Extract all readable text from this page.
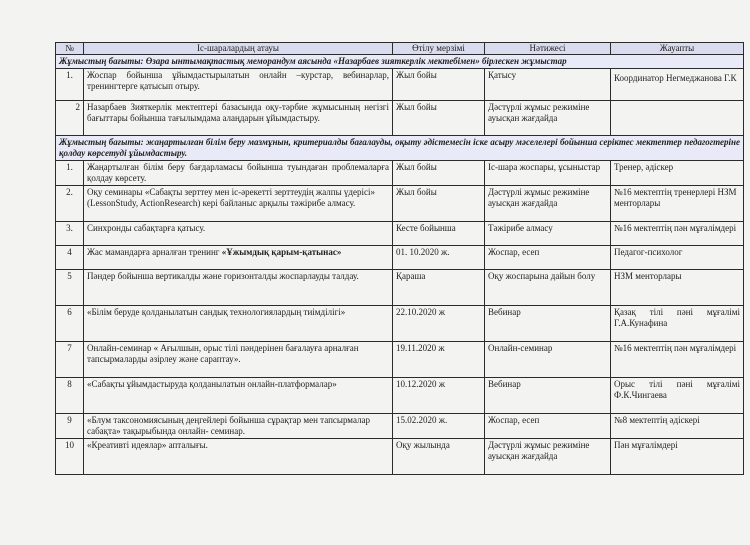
№	Іс-шаралардың атауы	Өтілу мерзімі	Нәтижесі	Жауапты
Жұмыстың бағыты: Өзара ынтымақтастық меморандум аясында «Назарбаев зияткерлік мектебімен» бірлескен жұмыстар				
1.	Жоспар бойынша ұйымдастырылатын онлайн –курстар, вебинарлар, тренингтерге қатысып отыру.	Жыл бойы	Қатысу	Координатор Негмеджанова Г.К
2	Назарбаев Зияткерлік мектептері базасында оқу-тәрбие жұмысының негізгі бағыттары бойынша тағылымдама алаңдарын ұйымдастыру.	Жыл бойы	Дәстүрлі жұмыс режиміне ауысқан жағдайда	
Жұмыстың бағыты: жаңартылған білім беру мазмұнын, критериалды бағалауды, оқыту әдістемесін іске асыру мәселелері бойынша серіктес мектептер педагогтеріне қолдау көрсетуді ұйымдастыру.				
1.	Жаңартылған білім беру бағдарламасы бойынша туындаған проблемаларға қолдау көрсету.	Жыл бойы	Іс-шара жоспары, ұсыныстар	Тренер, әдіскер
2.	Оқу семинары «Сабақты зерттеу мен іс-әрекетті зерттеудің жалпы үдерісі» (LessonStudy, ActionResearch) кері байланыс арқылы тәжірибе алмасу.	Жыл бойы	Дәстүрлі жұмыс режиміне ауысқан жағдайда	№16 мектептің тренерлері НЗМ менторлары
3.	Синхронды сабақтарға қатысу.	Кесте бойынша	Тәжірибе алмасу	№16 мектептің пән мұғалімдері
4	Жас мамандарға арналған тренинг «Ұжымдық қарым-қатынас»	01. 10.2020 ж.	Жоспар, есеп	Педагог-психолог
5	Пәндер бойынша вертикалды және горизонталды жоспарлауды талдау.	Қараша	Оқу жоспарына дайын болу	НЗМ менторлары
6	«Білім беруде қолданылатын сандық технологиялардың тиімділігі»	22.10.2020 ж	Вебинар	Қазақ тілі пәні мұғалімі Г.А.Кунафина
7	Онлайн-семинар « Ағылшын, орыс тілі пәндерінен бағалауға арналған тапсырмаларды әзірлеу және сараптау».	19.11.2020 ж	Онлайн-семинар	№16 мектептің пән мұғалімдері
8	«Сабақты ұйымдастыруда қолданылатын онлайн-платформалар»	10.12.2020 ж	Вебинар	Орыс тілі пәні мұғалімі Ф.К.Чингаева
9	«Блум таксономиясының деңгейлері бойынша сұрақтар мен тапсырмалар сабақта» тақырыбында онлайн- семинар.	15.02.2020 ж.	Жоспар, есеп	№8 мектептің әдіскері
10	«Креативті идеялар» апталығы.	Оқу жылында	Дәстүрлі жұмыс режиміне ауысқан жағдайда	Пән мұғалімдері
